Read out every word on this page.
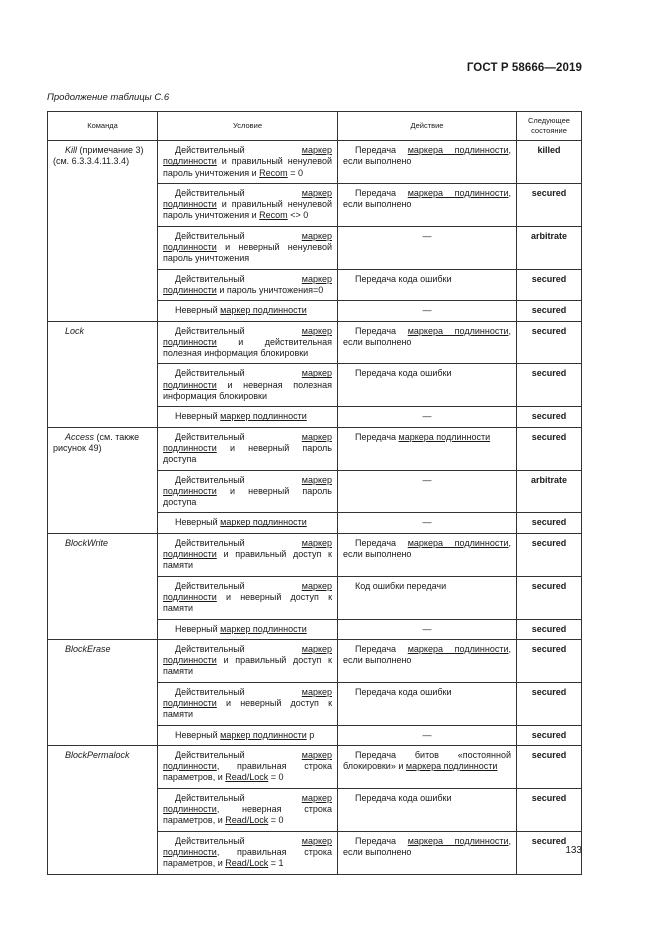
ГОСТ Р 58666—2019
Продолжение таблицы С.6
Команда	Условие	Действие	Следующее состояние
Kill (примечание 3) (см. 6.3.3.4.11.3.4)	Действительный маркер подлинности и правильный ненулевой пароль уничтожения и Recom = 0	Передача маркера подлинности, если выполнено	killed
	Действительный маркер подлинности и правильный ненулевой пароль уничтожения и Recom <> 0	Передача маркера подлинности, если выполнено	secured
	Действительный маркер подлинности и неверный ненулевой пароль уничтожения	—	arbitrate
	Действительный маркер подлинности и пароль уничтожения=0	Передача кода ошибки	secured
	Неверный маркер подлинности	—	secured
Lock	Действительный маркер подлинности и действительная полезная информация блокировки	Передача маркера подлинности, если выполнено	secured
	Действительный маркер подлинности и неверная полезная информация блокировки	Передача кода ошибки	secured
	Неверный маркер подлинности	—	secured
Access (см. также рисунок 49)	Действительный маркер подлинности и неверный пароль доступа	Передача маркера подлинности	secured
	Действительный маркер подлинности и неверный пароль доступа	—	arbitrate
	Неверный маркер подлинности	—	secured
BlockWrite	Действительный маркер подлинности и правильный доступ к памяти	Передача маркера подлинности, если выполнено	secured
	Действительный маркер подлинности и неверный доступ к памяти	Код ошибки передачи	secured
	Неверный маркер подлинности	—	secured
BlockErase	Действительный маркер подлинности и правильный доступ к памяти	Передача маркера подлинности, если выполнено	secured
	Действительный маркер подлинности и неверный доступ к памяти	Передача кода ошибки	secured
	Неверный маркер подлинности р	—	secured
BlockPermalock	Действительный маркер подлинности, правильная строка параметров, и Read/Lock = 0	Передача битов «постоянной блокировки» и маркера подлинности	secured
	Действительный маркер подлинности, неверная строка параметров, и Read/Lock = 0	Передача кода ошибки	secured
	Действительный маркер подлинности, правильная строка параметров, и Read/Lock = 1	Передача маркера подлинности, если выполнено	secured
133
